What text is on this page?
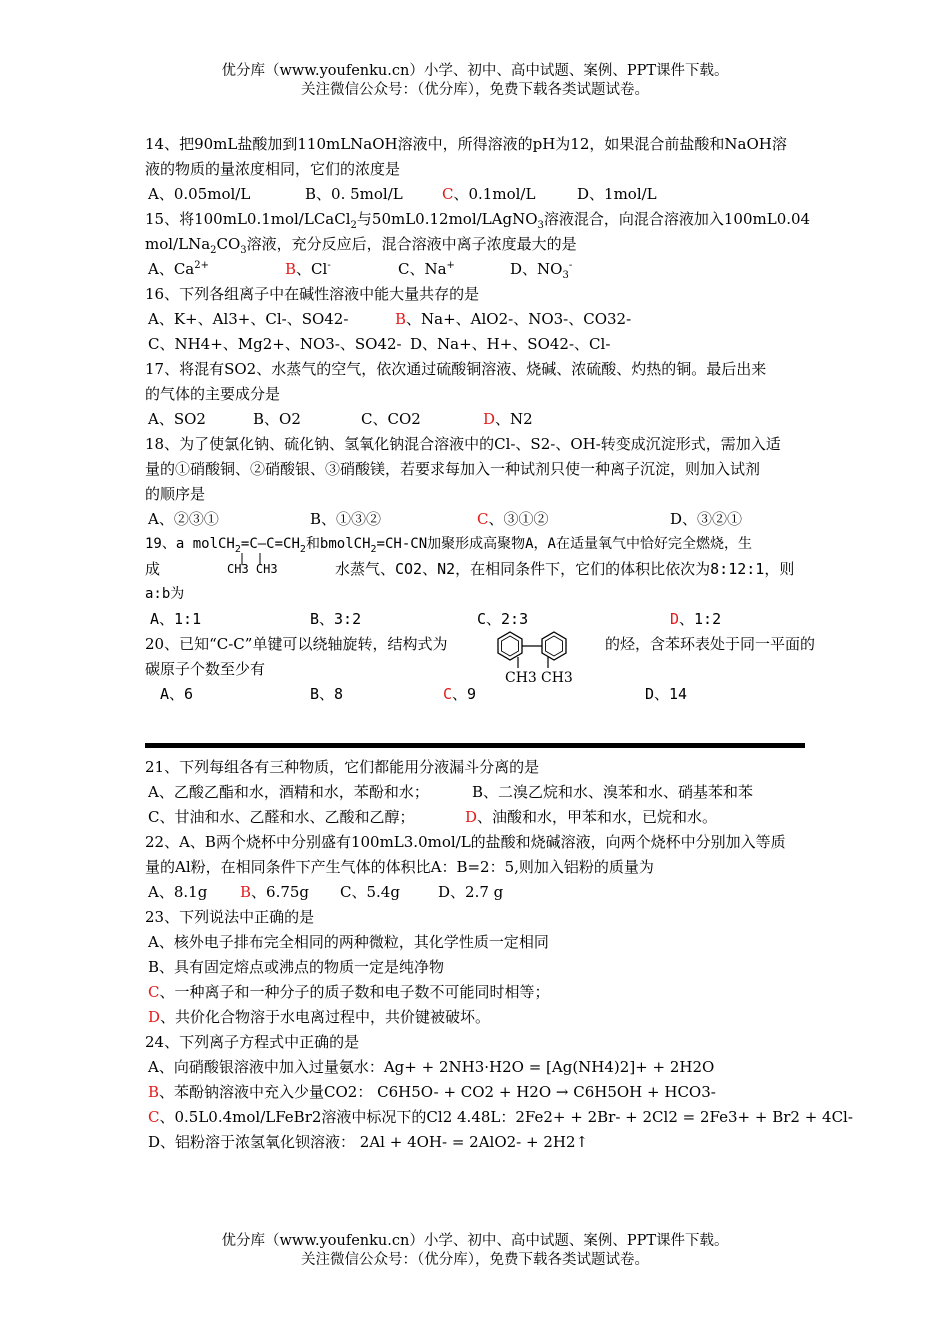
优分库（www.youfenku.cn）小学、初中、高中试题、案例、PPT课件下载。
关注微信公众号：（优分库），免费下载各类试题试卷。
14、把90mL盐酸加到110mLNaOH溶液中，所得溶液的pH为12，如果混合前盐酸和NaOH溶
液的物质的量浓度相同，它们的浓度是
A、0.05mol/L	B、0. 5mol/L	C、0.1mol/L	D、1mol/L
15、将100mL0.1mol/LCaCl$_2$与50mL0.12mol/LAgNO$_3$溶液混合，向混合溶液加入100mL0.04
mol/$LNa_2CO_3$溶液，充分反应后，混合溶液中离子浓度最大的是
A、$Ca^{2+}$	B、Cl-	C、Na+	D、$NO_3^-$
16、下列各组离子中在碱性溶液中能大量共存的是
A、K+、Al3+、Cl-、SO42-	B、Na+、AlO2-、NO3-、CO32-
C、NH4+、Mg2+、NO3-、SO42- D、Na+、H+、SO42-、Cl-
17、将混有SO2、水蒸气的空气，依次通过硫酸铜溶液、烧碱、浓硫酸、灼热的铜。最后出来
的气体的主要成分是
A、SO2	B、O2	C、CO2	D、N2
18、为了使氯化钠、硫化钠、氢氧化钠混合溶液中的Cl-、S2-、OH-转变成沉淀形式，需加入适
量的①硝酸铜、②硝酸银、③硝酸镁，若要求每加入一种试剂只使一种离子沉淀，则加入试剂
的顺序是
A、②③①	B、①③②	C、③①②	D、③②①
19、a $molCH_2=C—C=CH_2$和bmolCH$_2$=CH-CN加聚形成高聚物A，A在适量氧气中恰好完全燃烧，生
成	CH3 CH3	水蒸气、CO2、N2，在相同条件下，它们的体积比依次为8:12:1，则
a:b为
A、1:1	B、3:2	C、2:3	D、1:2
20、已知“C-C”单键可以绕轴旋转，结构式为	的烃，含苯环表处于同一平面的
碳原子个数至少有	CH3 CH3
A、6	B、8	C、9	D、14
21、下列每组各有三种物质，它们都能用分液漏斗分离的是
A、乙酸乙酯和水，酒精和水，苯酚和水；	B、二溴乙烷和水、溴苯和水、硝基苯和苯
C、甘油和水、乙醛和水、乙酸和乙醇；	D、油酸和水，甲苯和水，已烷和水。
22、A、B两个烧杯中分别盛有100mL3.0mol/L的盐酸和烧碱溶液，向两个烧杯中分别加入等质
量的Al粉，在相同条件下产生气体的体积比A：B=2：5,则加入铝粉的质量为
A、8.1g B、6.75g C、5.4g	D、2.7 g
23、下列说法中正确的是
A、核外电子排布完全相同的两种微粒，其化学性质一定相同
B、具有固定熔点或沸点的物质一定是纯净物
C、一种离子和一种分子的质子数和电子数不可能同时相等；
D、共价化合物溶于水电离过程中，共价键被破坏。
24、下列离子方程式中正确的是
A、向硝酸银溶液中加入过量氨水：Ag+ + 2NH3·H2O = [Ag(NH4)2]+ + 2H2O
B、苯酚钠溶液中充入少量CO2： C6H5O- + CO2 + H2O → C6H5OH + HCO3-
C、0.5L0.4mol/LFeBr2溶液中标况下的Cl2 4.48L：2Fe2+ + 2Br- + 2Cl2 = 2Fe3+ + Br2 + 4Cl-
D、铝粉溶于浓氢氧化钡溶液： 2Al + 4OH- = 2AlO2- + 2H2↑
优分库（www.youfenku.cn）小学、初中、高中试题、案例、PPT课件下载。
关注微信公众号：（优分库），免费下载各类试题试卷。
